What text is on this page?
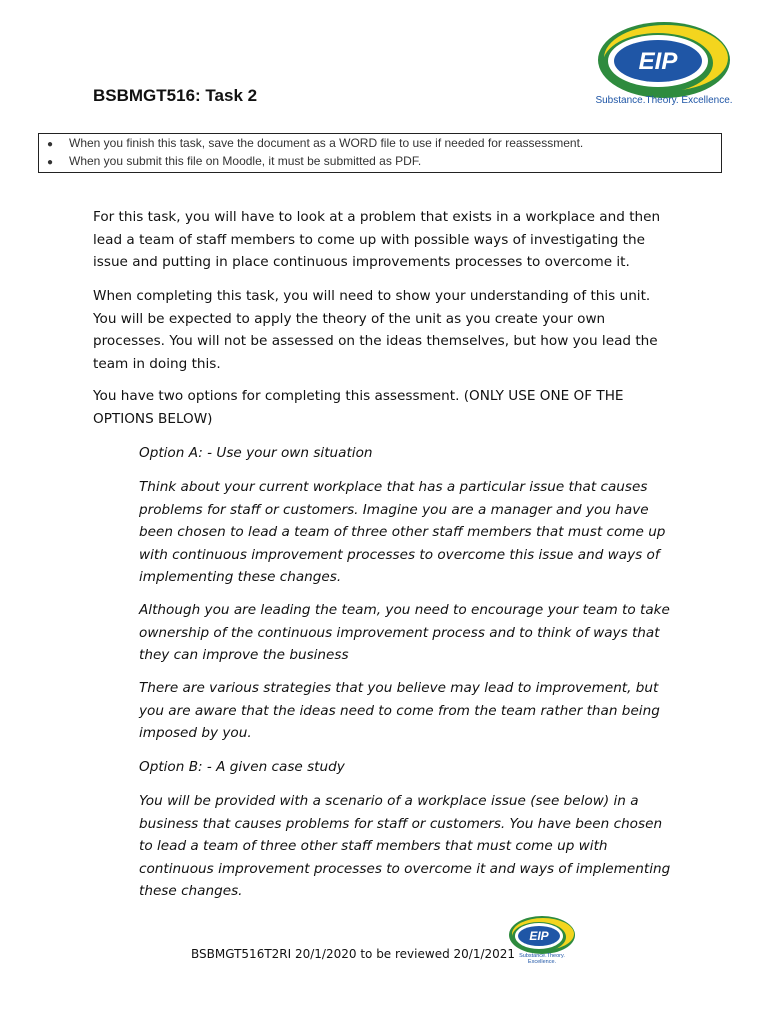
BSBMGT516: Task 2
EIP
Substance.Theory. Excellence.
● When you finish this task, save the document as a WORD file to use if needed for reassessment.
● When you submit this file on Moodle, it must be submitted as PDF.
For this task, you will have to look at a problem that exists in a workplace and then lead a team of staff members to come up with possible ways of investigating the issue and putting in place continuous improvements processes to overcome it.
When completing this task, you will need to show your understanding of this unit. You will be expected to apply the theory of the unit as you create your own processes. You will not be assessed on the ideas themselves, but how you lead the team in doing this.
You have two options for completing this assessment. (ONLY USE ONE OF THE OPTIONS BELOW)
Option A: - Use your own situation
Think about your current workplace that has a particular issue that causes problems for staff or customers. Imagine you are a manager and you have been chosen to lead a team of three other staff members that must come up with continuous improvement processes to overcome this issue and ways of implementing these changes.
Although you are leading the team, you need to encourage your team to take ownership of the continuous improvement process and to think of ways that they can improve the business
There are various strategies that you believe may lead to improvement, but you are aware that the ideas need to come from the team rather than being imposed by you.
Option B: - A given case study
You will be provided with a scenario of a workplace issue (see below) in a business that causes problems for staff or customers. You have been chosen to lead a team of three other staff members that must come up with continuous improvement processes to overcome it and ways of implementing these changes.
BSBMGT516T2RI 20/1/2020 to be reviewed 20/1/2021
EIP
Substance.Theory. Excellence.
